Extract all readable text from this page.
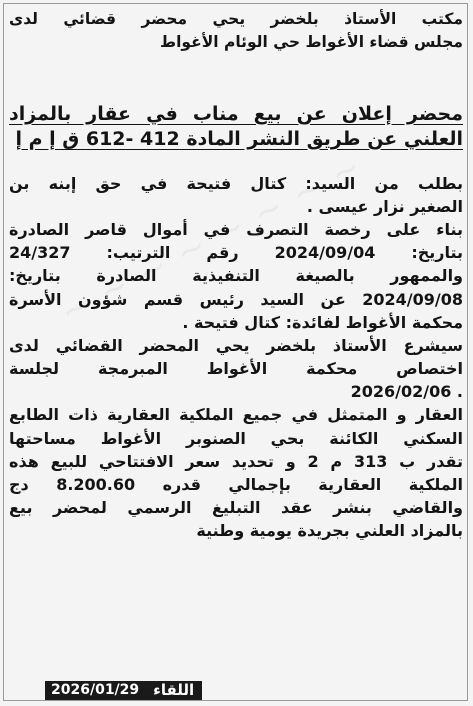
مكتب الأستاذ بلخضر يحي محضر قضائي لدى
مجلس قضاء الأغواط حي الوئام الأغواط
محضر إعلان عن بيع مناب في عقار بالمزاد
العلني عن طريق النشر المادة 412 -612 ق إ م إ
بطلب من السيد: كتال فتيحة في حق إبنه بن
الصغير نزار عيسى .
بناء على رخصة التصرف في أموال قاصر الصادرة
بتاريخ: 2024/09/04 رقم الترتيب: 24/327
والممهور بالصيغة التنفيذية الصادرة بتاريخ:
2024/09/08 عن السيد رئيس قسم شؤون الأسرة
محكمة الأغواط لفائدة: كتال فتيحة .
سيشرع الأستاذ بلخضر يحي المحضر القضائي لدى
اختصاص محكمة الأغواط المبرمجة لجلسة
. 2026/02/06
العقار و المتمثل في جميع الملكية العقارية ذات الطابع
السكني الكائنة بحي الصنوبر الأغواط مساحتها
تقدر ب 313 م 2 و تحديد سعر الافتتاحي للبيع هذه
الملكية العقارية بإجمالي قدره 8.200.60 دج
والقاضي بنشر عقد التبليغ الرسمي لمحضر بيع
بالمزاد العلني بجريدة يومية وطنية
2026/01/29 اللقاء
